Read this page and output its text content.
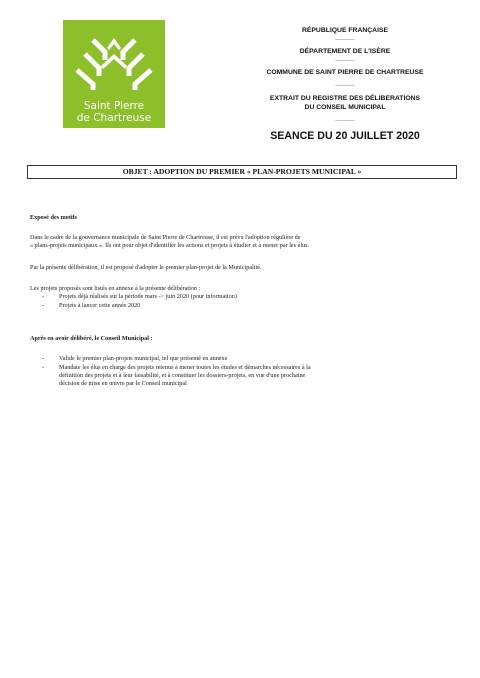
Saint Pierre
de Chartreuse
RÉPUBLIQUE FRANÇAISE
_____
DÉPARTEMENT DE L'ISÈRE
_____
COMMUNE DE SAINT PIERRE DE CHARTREUSE
_____
EXTRAIT DU REGISTRE DES DÉLIBERATIONS
DU CONSEIL MUNICIPAL
_____
SEANCE DU 20 JUILLET 2020
OBJET : ADOPTION DU PREMIER « PLAN-PROJETS MUNICIPAL »
Exposé des motifs
Dans le cadre de la gouvernance municipale de Saint Pierre de Chartreuse, il est prévu l'adoption régulière de
« plans-projets municipaux ». Ils ont pour objet d'identifier les actions et projets à étudier et à mener par les élus.
Par la présente délibération, il est proposé d'adopter le premier plan-projet de la Municipalité.
Les projets proposés sont listés en annexe à la présente délibération :
- Projets déjà réalisés sur la période mars -> juin 2020 (pour information)
- Projets à lancer cette année 2020
Après en avoir délibéré, le Conseil Municipal :
- Valide le premier plan-projets municipal, tel que présenté en annexe
- Mandate les élus en charge des projets retenus à mener toutes les études et démarches nécessaires à la
définition des projets et à leur faisabilité, et à constituer les dossiers-projets, en vue d'une prochaine
décision de mise en œuvre par le Conseil municipal
